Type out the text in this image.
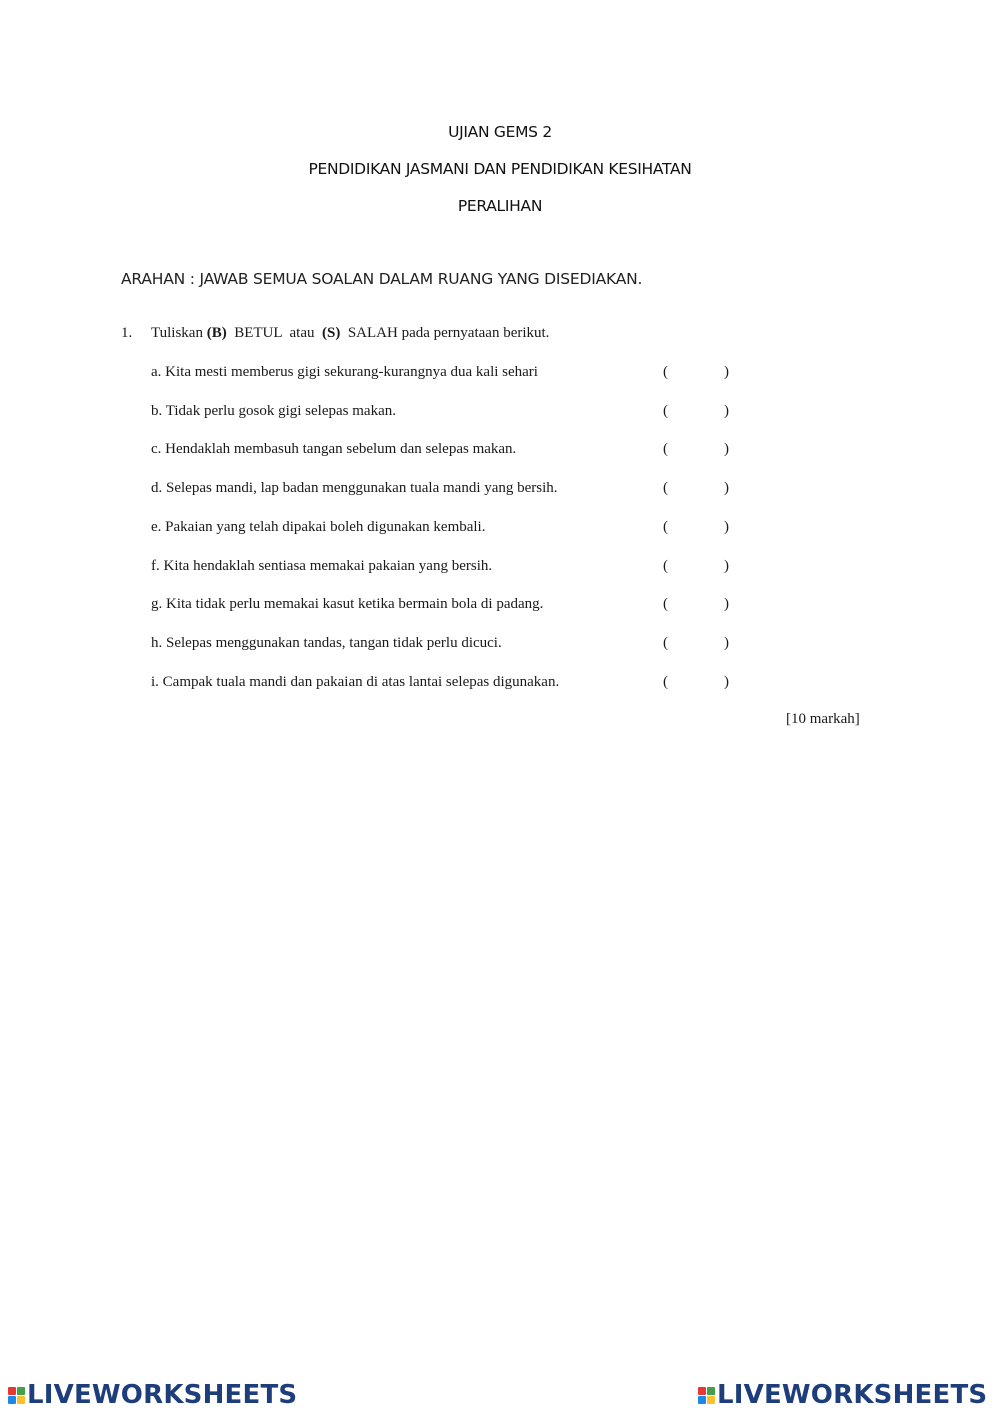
UJIAN GEMS 2
PENDIDIKAN JASMANI DAN PENDIDIKAN KESIHATAN
PERALIHAN
ARAHAN : JAWAB SEMUA SOALAN DALAM RUANG YANG DISEDIAKAN.
1. Tuliskan (B)  BETUL  atau  (S)  SALAH pada pernyataan berikut.
a. Kita mesti memberus gigi sekurang-kurangnya dua kali sehari	(	)
b. Tidak perlu gosok gigi selepas makan.	(	)
c. Hendaklah membasuh tangan sebelum dan selepas makan.	(	)
d. Selepas mandi, lap badan menggunakan tuala mandi yang bersih.	(	)
e. Pakaian yang telah dipakai boleh digunakan kembali.	(	)
f. Kita hendaklah sentiasa memakai pakaian yang bersih.	(	)
g. Kita tidak perlu memakai kasut ketika bermain bola di padang.	(	)
h. Selepas menggunakan tandas, tangan tidak perlu dicuci.	(	)
i. Campak tuala mandi dan pakaian di atas lantai selepas digunakan.	(	)
[10 markah]
LIVEWORKSHEETS	LIVEWORKSHEETS
